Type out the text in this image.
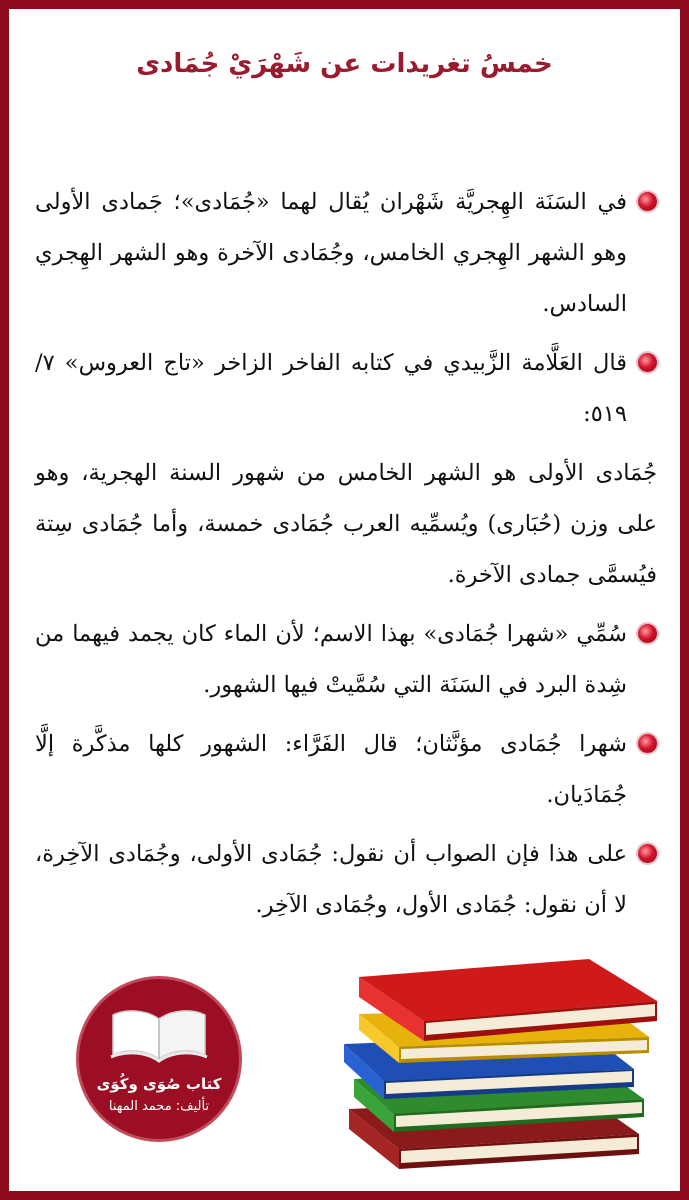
خمسُ تغريدات عن شَهْرَيْ جُمَادى
في السَنَة الهِجريَّة شَهْران يُقال لهما «جُمَادى»؛ جَمادى الأولى وهو الشهر الهِجري الخامس، وجُمَادى الآخرة وهو الشهر الهِجري السادس.
قال العَلَّامة الزَّبيدي في كتابه الفاخر الزاخر «تاج العروس» ٧/ ٥١٩:
جُمَادى الأولى هو الشهر الخامس من شهور السنة الهجرية، وهو على وزن (حُبَارى) ويُسمِّيه العرب جُمَادى خمسة، وأما جُمَادى سِتة فيُسمَّى جمادى الآخرة.
سُمِّي «شهرا جُمَادى» بهذا الاسم؛ لأن الماء كان يجمد فيهما من شِدة البرد في السَنَة التي سُمَّيتْ فيها الشهور.
شهرا جُمَادى مؤنَّثان؛ قال الفَرَّاء: الشهور كلها مذكَّرة إلَّا جُمَادَيان.
على هذا فإن الصواب أن نقول: جُمَادى الأولى، وجُمَادى الآخِرة، لا أن نقول: جُمَادى الأول، وجُمَادى الآخِر.
كتاب صُوَى وكُوَى
تأليف: محمد المهنا
